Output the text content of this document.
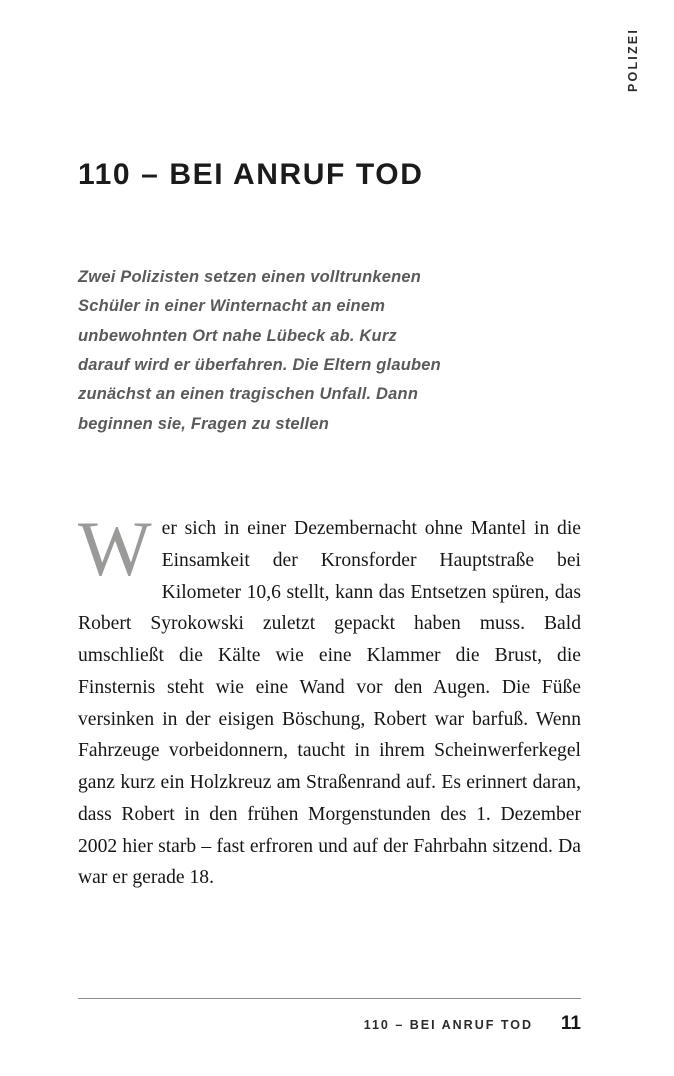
POLIZEI
110 – BEI ANRUF TOD

Zwei Polizisten setzen einen volltrunkenen Schüler in einer Winternacht an einem unbewohnten Ort nahe Lübeck ab. Kurz darauf wird er überfahren. Die Eltern glauben zunächst an einen tragischen Unfall. Dann beginnen sie, Fragen zu stellen

Wer sich in einer Dezembernacht ohne Mantel in die Einsamkeit der Kronsforder Hauptstraße bei Kilometer 10,6 stellt, kann das Entsetzen spüren, das Robert Syrokowski zuletzt gepackt haben muss. Bald umschließt die Kälte wie eine Klammer die Brust, die Finsternis steht wie eine Wand vor den Augen. Die Füße versinken in der eisigen Böschung, Robert war barfuß. Wenn Fahrzeuge vorbeidonnern, taucht in ihrem Scheinwerferkegel ganz kurz ein Holzkreuz am Straßenrand auf. Es erinnert daran, dass Robert in den frühen Morgenstunden des 1. Dezember 2002 hier starb – fast erfroren und auf der Fahrbahn sitzend. Da war er gerade 18.

110 – BEI ANRUF TOD	11
